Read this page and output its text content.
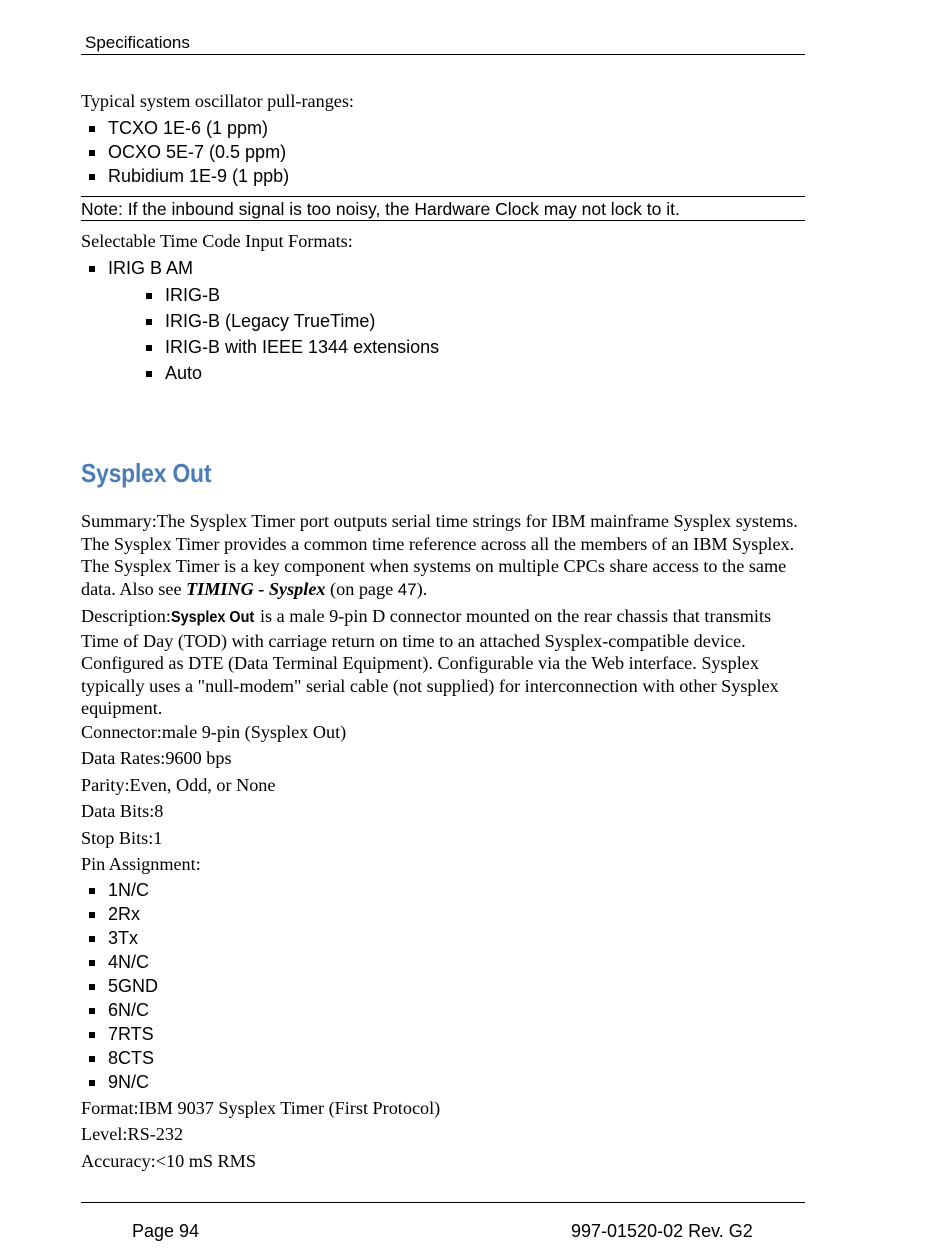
Specifications
Typical system oscillator pull-ranges:
TCXO 1E-6 (1 ppm)
OCXO 5E-7 (0.5 ppm)
Rubidium 1E-9 (1 ppb)
Note: If the inbound signal is too noisy, the Hardware Clock may not lock to it.
Selectable Time Code Input Formats:
IRIG B AM
IRIG-B
IRIG-B (Legacy TrueTime)
IRIG-B with IEEE 1344 extensions
Auto
Sysplex Out
Summary:The Sysplex Timer port outputs serial time strings for IBM mainframe Sysplex systems. The Sysplex Timer provides a common time reference across all the members of an IBM Sysplex. The Sysplex Timer is a key component when systems on multiple CPCs share access to the same data. Also see TIMING - Sysplex (on page 47).
Description:Sysplex Out is a male 9-pin D connector mounted on the rear chassis that transmits Time of Day (TOD) with carriage return on time to an attached Sysplex-compatible device. Configured as DTE (Data Terminal Equipment). Configurable via the Web interface. Sysplex typically uses a "null-modem" serial cable (not supplied) for interconnection with other Sysplex equipment.
Connector:male 9-pin (Sysplex Out)
Data Rates:9600 bps
Parity:Even, Odd, or None
Data Bits:8
Stop Bits:1
Pin Assignment:
1N/C
2Rx
3Tx
4N/C
5GND
6N/C
7RTS
8CTS
9N/C
Format:IBM 9037 Sysplex Timer (First Protocol)
Level:RS-232
Accuracy:<10 mS RMS
Page 94	997-01520-02 Rev. G2
